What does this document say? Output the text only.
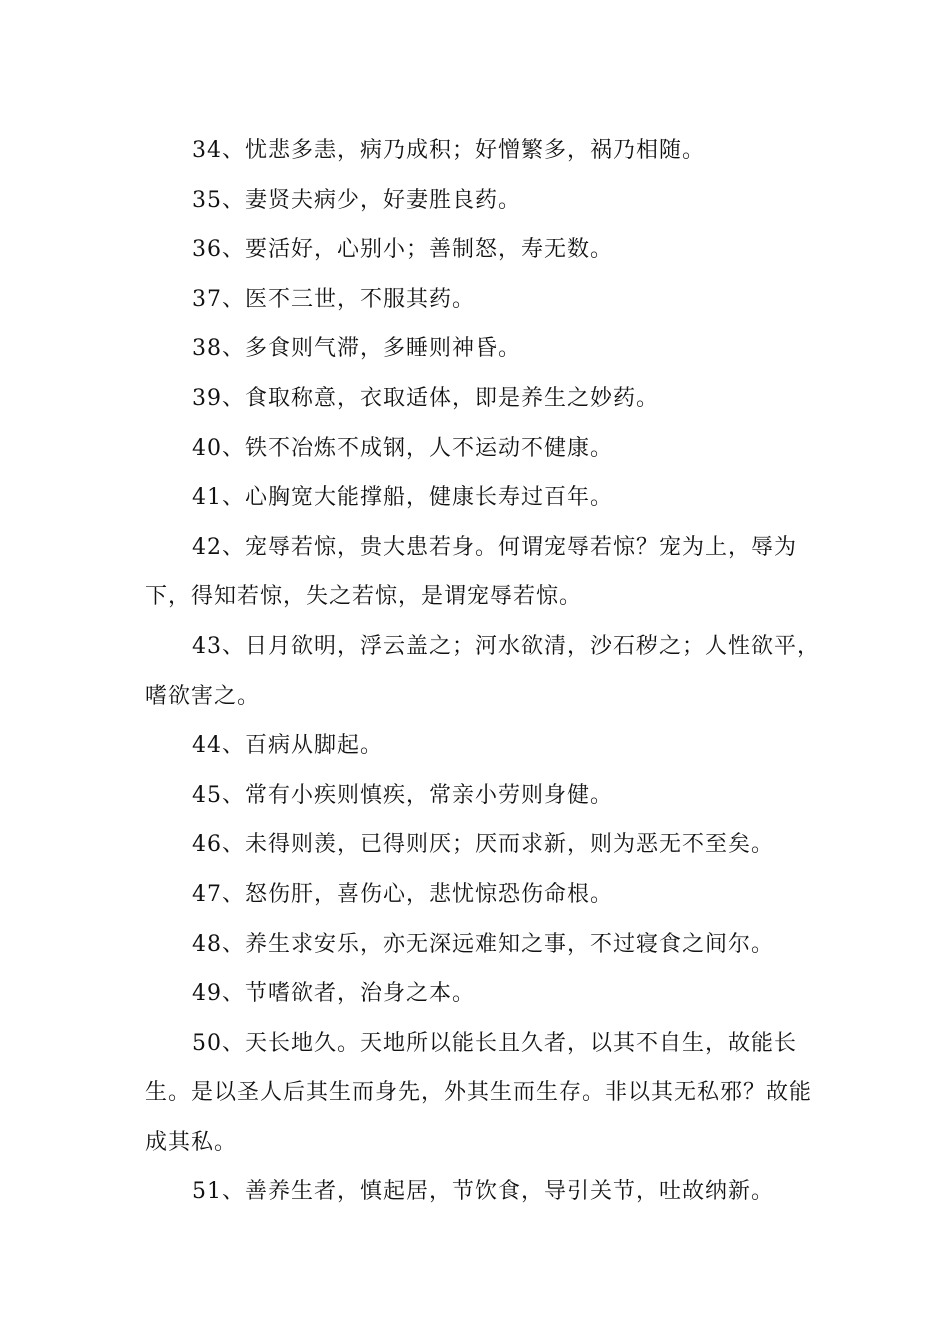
34、忧悲多恚，病乃成积；好憎繁多，祸乃相随。

35、妻贤夫病少，好妻胜良药。

36、要活好，心别小；善制怒，寿无数。

37、医不三世，不服其药。

38、多食则气滞，多睡则神昏。

39、食取称意，衣取适体，即是养生之妙药。

40、铁不冶炼不成钢，人不运动不健康。

41、心胸宽大能撑船，健康长寿过百年。

42、宠辱若惊，贵大患若身。何谓宠辱若惊？宠为上，辱为下，得知若惊，失之若惊，是谓宠辱若惊。

43、日月欲明，浮云盖之；河水欲清，沙石秽之；人性欲平，嗜欲害之。

44、百病从脚起。

45、常有小疾则慎疾，常亲小劳则身健。

46、未得则羡，已得则厌；厌而求新，则为恶无不至矣。

47、怒伤肝，喜伤心，悲忧惊恐伤命根。

48、养生求安乐，亦无深远难知之事，不过寝食之间尔。

49、节嗜欲者，治身之本。

50、天长地久。天地所以能长且久者，以其不自生，故能长生。是以圣人后其生而身先，外其生而生存。非以其无私邪？故能成其私。

51、善养生者，慎起居，节饮食，导引关节，吐故纳新。
